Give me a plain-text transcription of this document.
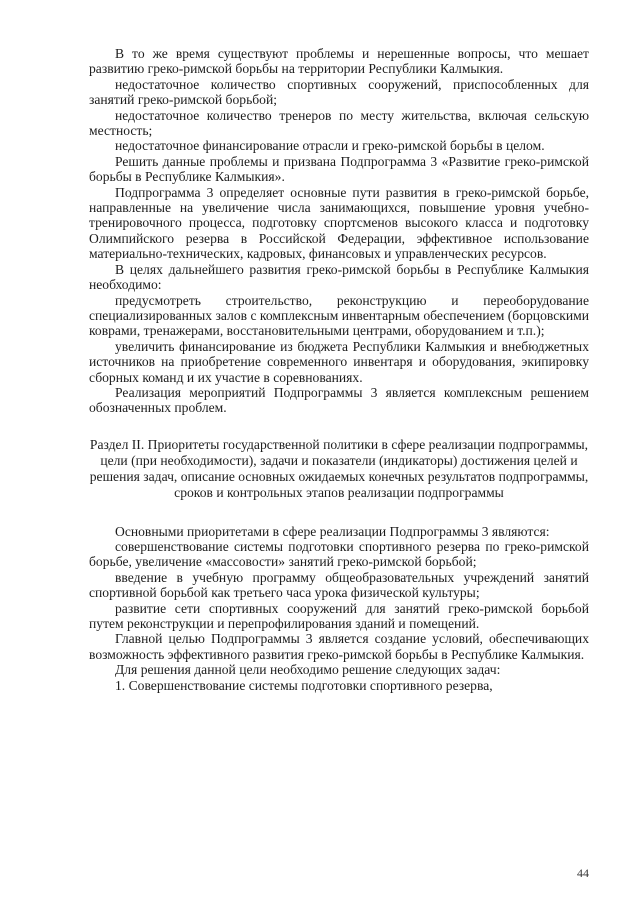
В то же время существуют проблемы и нерешенные вопросы, что мешает развитию греко-римской борьбы на территории Республики Калмыкия.

недостаточное количество спортивных сооружений, приспособленных для занятий греко-римской борьбой;

недостаточное количество тренеров по месту жительства, включая сельскую местность;

недостаточное финансирование отрасли и греко-римской борьбы в целом.

Решить данные проблемы и призвана Подпрограмма 3 «Развитие греко-римской борьбы в Республике Калмыкия».

Подпрограмма 3 определяет основные пути развития в греко-римской борьбе, направленные на увеличение числа занимающихся, повышение уровня учебно-тренировочного процесса, подготовку спортсменов высокого класса и подготовку Олимпийского резерва в Российской Федерации, эффективное использование материально-технических, кадровых, финансовых и управленческих ресурсов.

В целях дальнейшего развития греко-римской борьбы в Республике Калмыкия необходимо:

предусмотреть строительство, реконструкцию и переоборудование специализированных залов с комплексным инвентарным обеспечением (борцовскими коврами, тренажерами, восстановительными центрами, оборудованием и т.п.);

увеличить финансирование из бюджета Республики Калмыкия и внебюджетных источников на приобретение современного инвентаря и оборудования, экипировку сборных команд и их участие в соревнованиях.

Реализация мероприятий Подпрограммы 3 является комплексным решением обозначенных проблем.

Раздел II. Приоритеты государственной политики в сфере реализации подпрограммы, цели (при необходимости), задачи и показатели (индикаторы) достижения целей и решения задач, описание основных ожидаемых конечных результатов подпрограммы, сроков и контрольных этапов реализации подпрограммы

Основными приоритетами в сфере реализации Подпрограммы 3 являются:

совершенствование системы подготовки спортивного резерва по греко-римской борьбе, увеличение «массовости» занятий греко-римской борьбой;

введение в учебную программу общеобразовательных учреждений занятий спортивной борьбой как третьего часа урока физической культуры;

развитие сети спортивных сооружений для занятий греко-римской борьбой путем реконструкции и перепрофилирования зданий и помещений.

Главной целью Подпрограммы 3 является создание условий, обеспечивающих возможность эффективного развития греко-римской борьбы в Республике Калмыкия.

Для решения данной цели необходимо решение следующих задач:

1. Совершенствование системы подготовки спортивного резерва,

44
